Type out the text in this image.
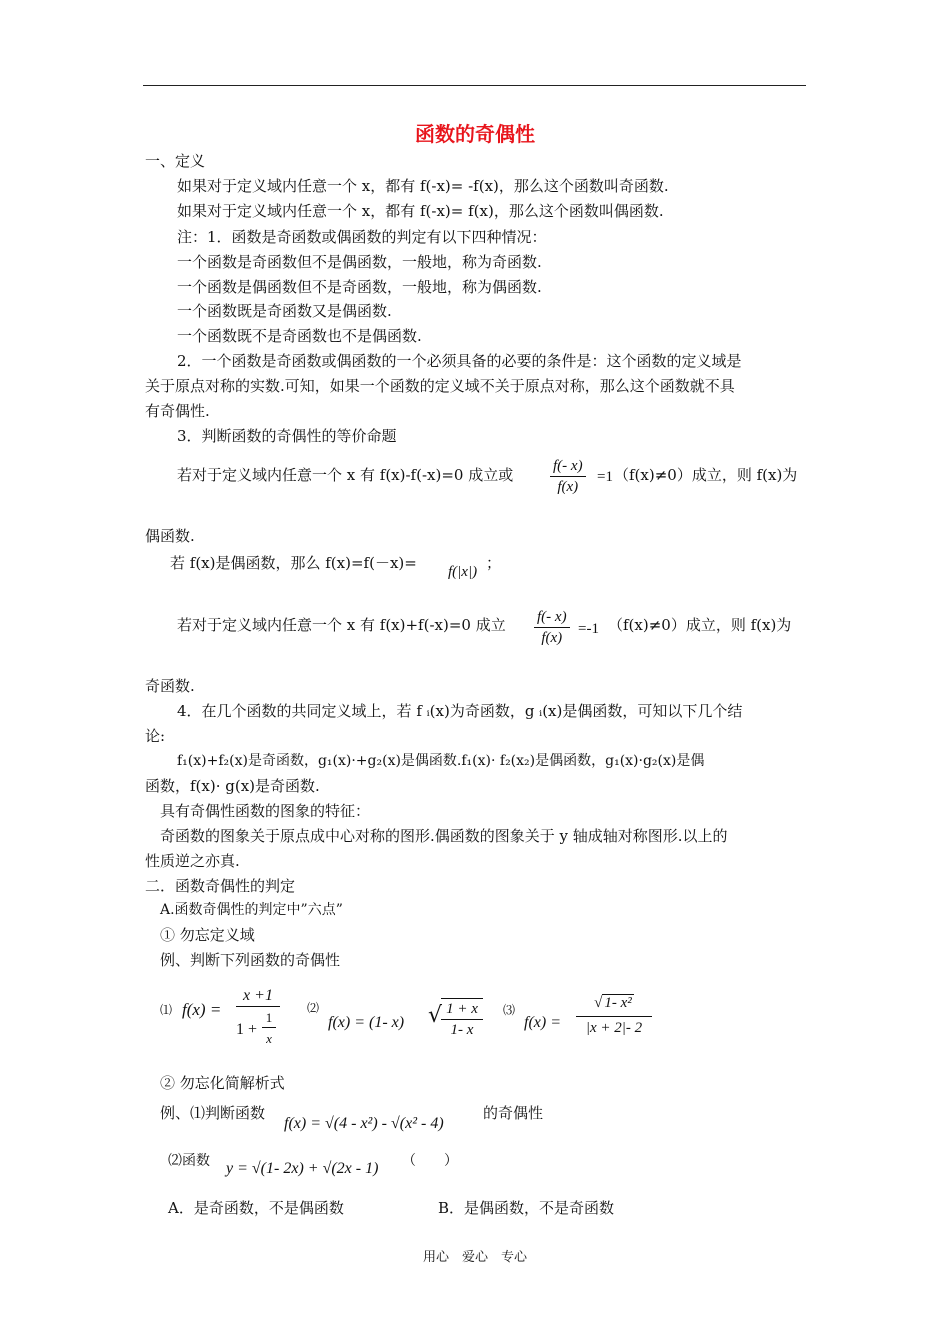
函数的奇偶性
一、定义
如果对于定义域内任意一个 x，都有 f(-x)= -f(x)，那么这个函数叫奇函数.
如果对于定义域内任意一个 x，都有 f(-x)= f(x)，那么这个函数叫偶函数.
注：1．函数是奇函数或偶函数的判定有以下四种情况：
一个函数是奇函数但不是偶函数，一般地，称为奇函数.
一个函数是偶函数但不是奇函数，一般地，称为偶函数.
一个函数既是奇函数又是偶函数.
一个函数既不是奇函数也不是偶函数.
2．一个函数是奇函数或偶函数的一个必须具备的必要的条件是：这个函数的定义域是
关于原点对称的实数.可知，如果一个函数的定义域不关于原点对称，那么这个函数就不具
有奇偶性.
3．判断函数的奇偶性的等价命题
若对于定义域内任意一个 x 有 f(x)-f(-x)=0 成立或 $\frac{f(- x)}{f(x)} =1$ （f(x)≠0）成立，则 f(x)为
偶函数.
若 f(x)是偶函数，那么 f(x)=f(－x)= f(|x|) ；
若对于定义域内任意一个 x 有 f(x)+f(-x)=0 成立 $\frac{f(- x)}{f(x)} =-1$ （f(x)≠0）成立，则 f(x)为
奇函数.
4．在几个函数的共同定义域上，若 f ᵢ(x)为奇函数，g ᵢ(x)是偶函数，可知以下几个结
论:
f₁(x)+f₂(x)是奇函数，g₁(x)·+g₂(x)是偶函数.f₁(x)· f₂(x₂)是偶函数，g₁(x)·g₂(x)是偶
函数，f(x)· g(x)是奇函数.
具有奇偶性函数的图象的特征：
奇函数的图象关于原点成中心对称的图形.偶函数的图象关于 y 轴成轴对称图形.以上的
性质逆之亦真.
二．函数奇偶性的判定
A.函数奇偶性的判定中”六点”
① 勿忘定义域
例、判断下列函数的奇偶性
⑴ f(x) = x +1
1 +
1
x ⑵
f(x) = (1- x) √
$\frac{1 + x}{1- x}$ ⑶
$f(x) = \frac{\text{√ 1- x²}}{|x + 2|- 2}$
② 勿忘化简解析式
例、⑴判断函数
f(x) = √(4 - x²) - √(x² - 4)
的奇偶性
⑵函数 y = √(1- 2x) + √(2x - 1) （　　）
A．是奇函数，不是偶函数	B．是偶函数，不是奇函数
用心　爱心　专心
